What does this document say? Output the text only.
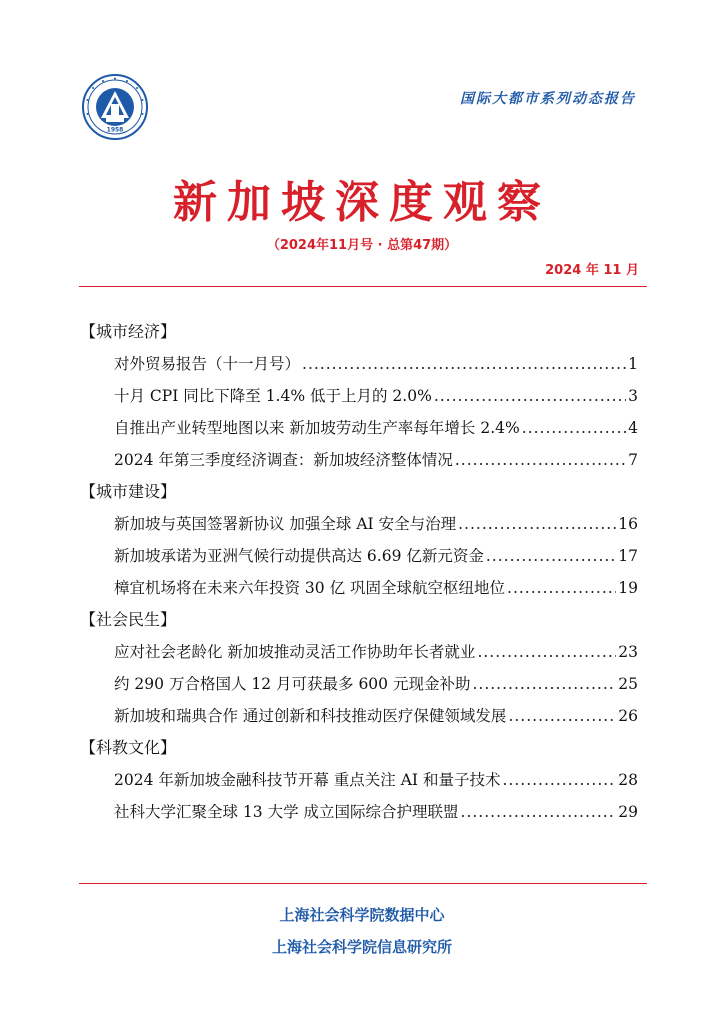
1958
国际大都市系列动态报告
新加坡深度观察
（2024年11月号 · 总第47期）
2024 年 11 月
【城市经济】
对外贸易报告（十一月号） .....	1
十月 CPI 同比下降至 1.4% 低于上月的 2.0% .....	3
自推出产业转型地图以来 新加坡劳动生产率每年增长 2.4% .....	4
2024 年第三季度经济调查：新加坡经济整体情况 .....	7
【城市建设】
新加坡与英国签署新协议 加强全球 AI 安全与治理 .....	16
新加坡承诺为亚洲气候行动提供高达 6.69 亿新元资金 .....	17
樟宜机场将在未来六年投资 30 亿 巩固全球航空枢纽地位 .....	19
【社会民生】
应对社会老龄化 新加坡推动灵活工作协助年长者就业 .....	23
约 290 万合格国人 12 月可获最多 600 元现金补助 .....	25
新加坡和瑞典合作 通过创新和科技推动医疗保健领域发展 .....	26
【科教文化】
2024 年新加坡金融科技节开幕 重点关注 AI 和量子技术 .....	28
社科大学汇聚全球 13 大学 成立国际综合护理联盟 .....	29
上海社会科学院数据中心
上海社会科学院信息研究所
